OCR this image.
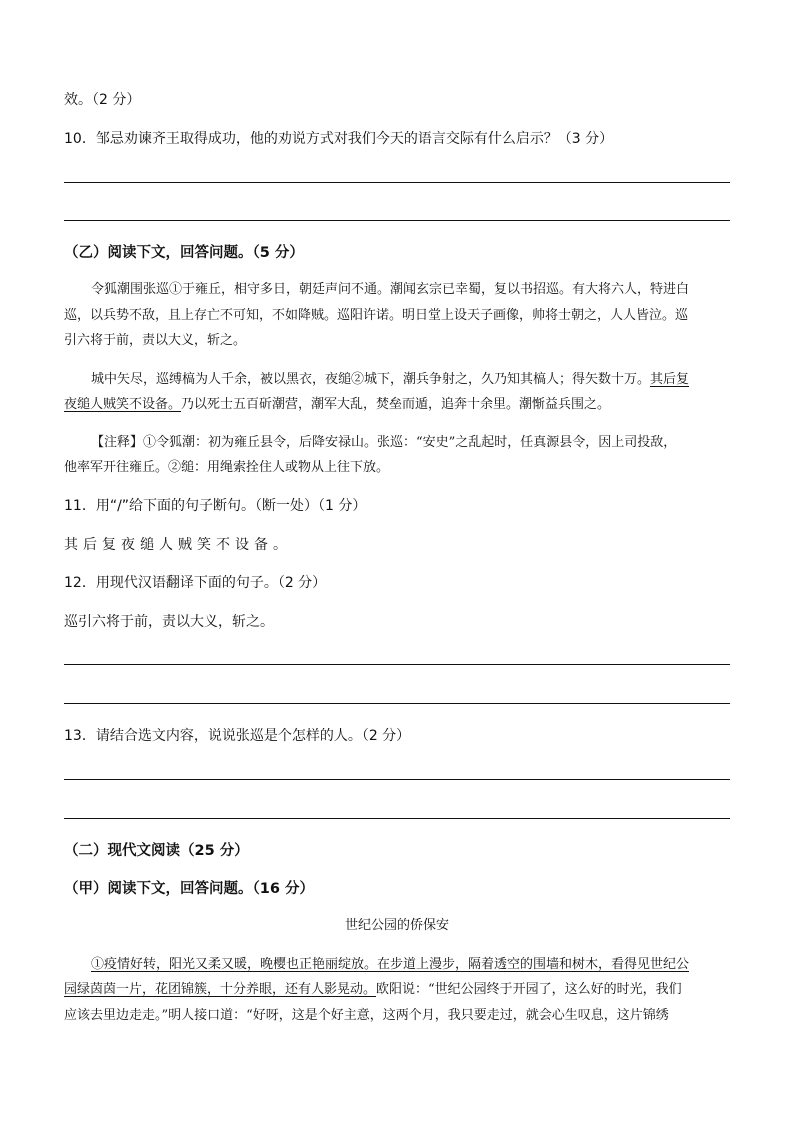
效。（2 分）
10．邹忌劝谏齐王取得成功，他的劝说方式对我们今天的语言交际有什么启示？（3 分）
（乙）阅读下文，回答问题。（5 分）
令狐潮围张巡①于雍丘，相守多日，朝廷声问不通。潮闻玄宗已幸蜀，复以书招巡。有大将六人，特进白
巡，以兵势不敌，且上存亡不可知，不如降贼。巡阳许诺。明日堂上设天子画像，帅将士朝之，人人皆泣。巡
引六将于前，责以大义，斩之。
城中矢尽，巡缚槁为人千余，被以黑衣，夜缒②城下，潮兵争射之，久乃知其槁人；得矢数十万。其后复
夜缒人贼笑不设备。乃以死士五百斫潮营，潮军大乱，焚垒而遁，追奔十余里。潮惭益兵围之。
【注释】①令狐潮：初为雍丘县令，后降安禄山。张巡：“安史”之乱起时，任真源县令，因上司投敌，
他率军开往雍丘。②缒：用绳索拴住人或物从上往下放。
11．用“/”给下面的句子断句。（断一处）（1 分）
其后复夜缒人贼笑不设备。
12．用现代汉语翻译下面的句子。（2 分）
巡引六将于前，责以大义，斩之。
13．请结合选文内容，说说张巡是个怎样的人。（2 分）
（二）现代文阅读（25 分）
（甲）阅读下文，回答问题。（16 分）
世纪公园的侨保安
①疫情好转，阳光又柔又暖，晚樱也正艳丽绽放。在步道上漫步，隔着透空的围墙和树木，看得见世纪公
园绿茵茵一片，花团锦簇，十分养眼，还有人影晃动。欧阳说：“世纪公园终于开园了，这么好的时光，我们
应该去里边走走。”明人接口道：“好呀，这是个好主意，这两个月，我只要走过，就会心生叹息，这片锦绣
